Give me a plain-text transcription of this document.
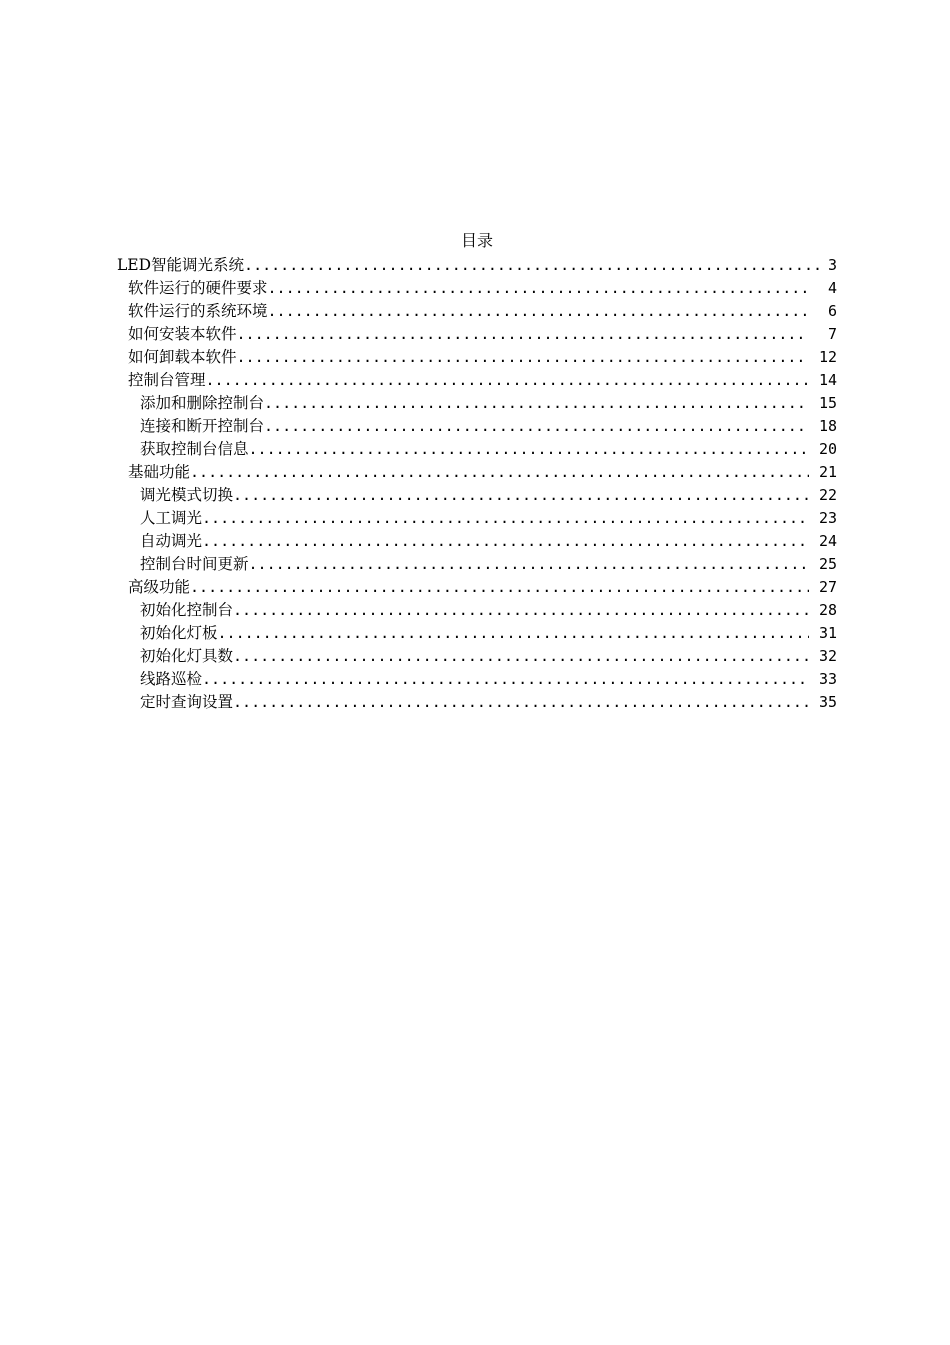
目录
LED智能调光系统 .....	3
软件运行的硬件要求 .....	4
软件运行的系统环境 .....	6
如何安装本软件 .....	7
如何卸载本软件 .....	12
控制台管理 .....	14
添加和删除控制台 .....	15
连接和断开控制台 .....	18
获取控制台信息 .....	20
基础功能 .....	21
调光模式切换 .....	22
人工调光 .....	23
自动调光 .....	24
控制台时间更新 .....	25
高级功能 .....	27
初始化控制台 .....	28
初始化灯板 .....	31
初始化灯具数 .....	32
线路巡检 .....	33
定时查询设置 .....	35
